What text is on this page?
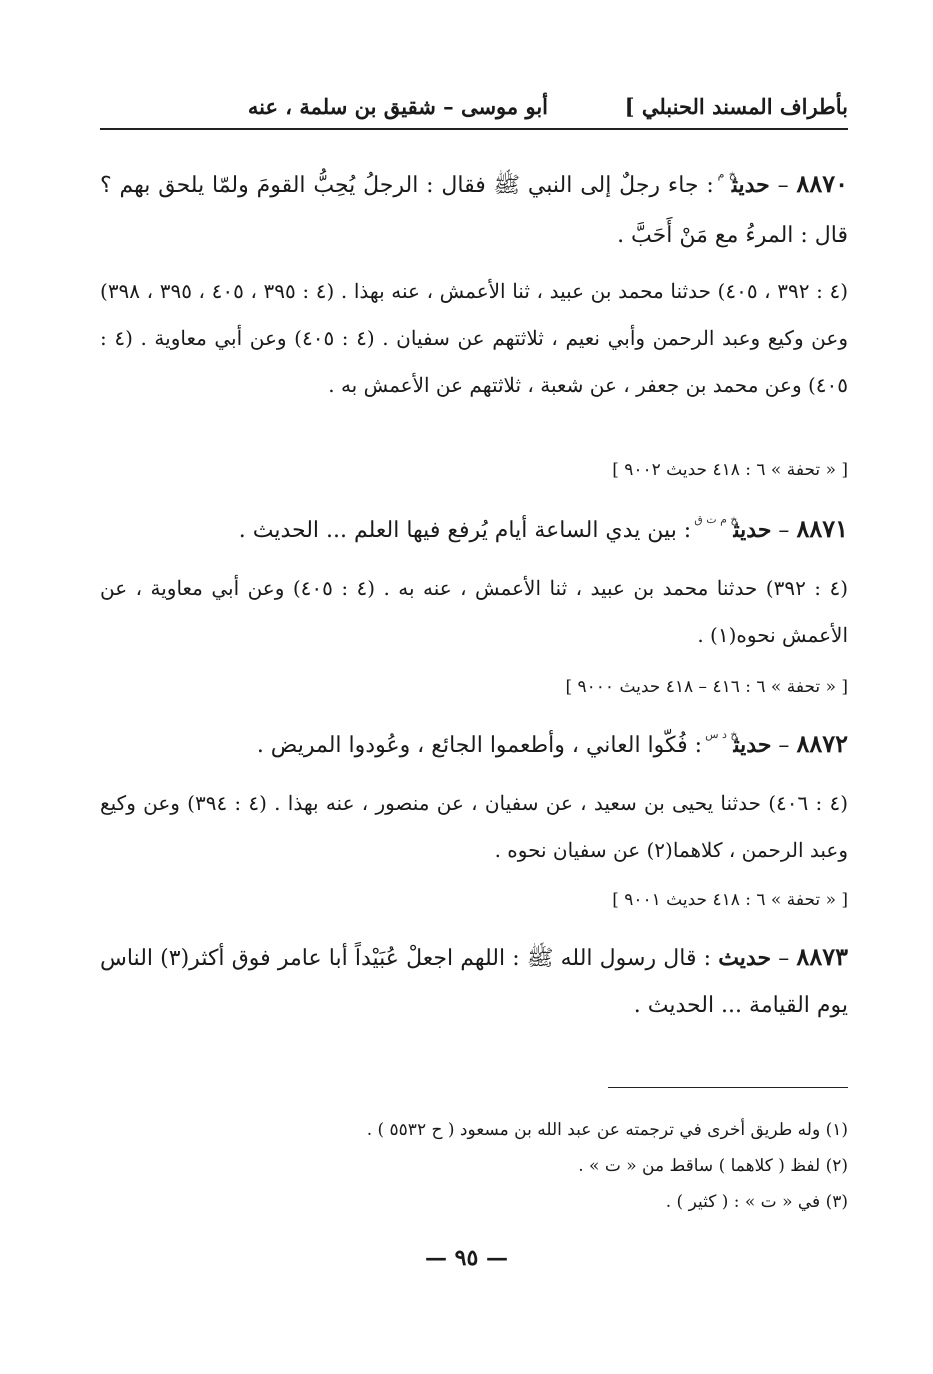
بأطراف المسند الحنبلي ]
أبو موسى – شقيق بن سلمة ، عنه
٨٨٧٠ – حديث$^{خ م}$ : جاء رجلٌ إلى النبي ﷺ فقال : الرجلُ يُحِبُّ القومَ ولمّا يلحق بهم ؟ قال : المرءُ مع مَنْ أَحَبَّ .
(٤ : ٣٩٢ ، ٤٠٥) حدثنا محمد بن عبيد ، ثنا الأعمش ، عنه بهذا . (٤ : ٣٩٥ ، ٤٠٥ ، ٣٩٥ ، ٣٩٨) وعن وكيع وعبد الرحمن وأبي نعيم ، ثلاثتهم عن سفيان . (٤ : ٤٠٥) وعن أبي معاوية . (٤ : ٤٠٥) وعن محمد بن جعفر ، عن شعبة ، ثلاثتهم عن الأعمش به .
[ « تحفة » ٦ : ٤١٨ حديث ٩٠٠٢ ]
٨٨٧١ – حديث$^{خ م ت ق}$ : بين يدي الساعة أيام يُرفع فيها العلم ... الحديث .
(٤ : ٣٩٢) حدثنا محمد بن عبيد ، ثنا الأعمش ، عنه به . (٤ : ٤٠٥) وعن أبي معاوية ، عن الأعمش نحوه(١) .
[ « تحفة » ٦ : ٤١٦ – ٤١٨ حديث ٩٠٠٠ ]
٨٨٧٢ – حديث$^{خ د س}$ : فُكّوا العاني ، وأطعموا الجائع ، وعُودوا المريض .
(٤ : ٤٠٦) حدثنا يحيى بن سعيد ، عن سفيان ، عن منصور ، عنه بهذا . (٤ : ٣٩٤) وعن وكيع وعبد الرحمن ، كلاهما(٢) عن سفيان نحوه .
[ « تحفة » ٦ : ٤١٨ حديث ٩٠٠١ ]
٨٨٧٣ – حديث : قال رسول الله ﷺ : اللهم اجعلْ عُبَيْداً أبا عامر فوق أكثر(٣) الناس يوم القيامة ... الحديث .
(١) وله طريق أخرى في ترجمته عن عبد الله بن مسعود ( ح ٥٥٣٢ ) .
(٢) لفظ ( كلاهما ) ساقط من « ت » .
(٣) في « ت » : ( كثير ) .
— ٩٥ —
